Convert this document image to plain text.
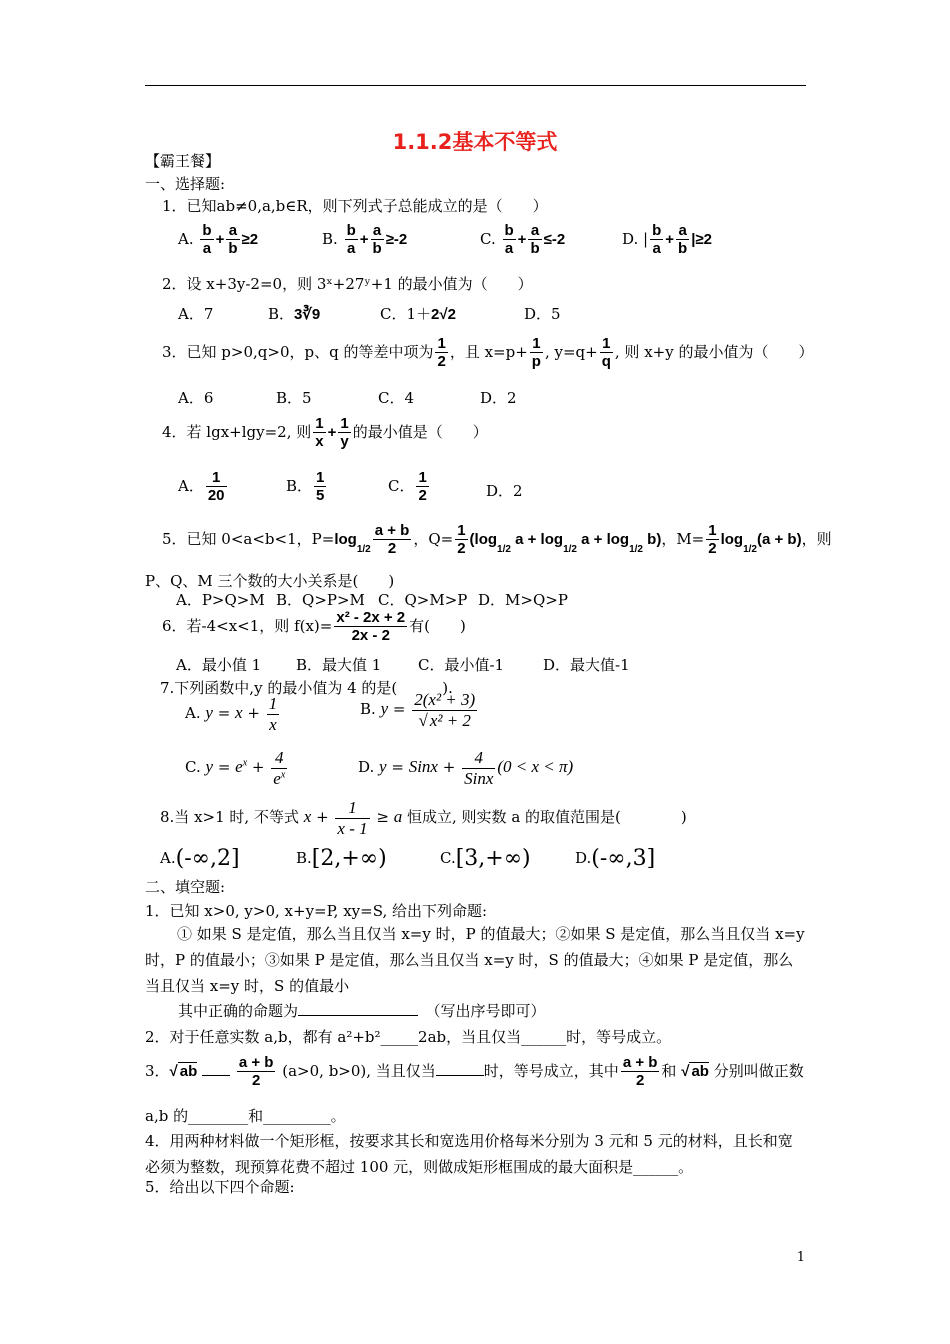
1.1.2基本不等式
【霸王餐】
一、选择题:
1．已知ab≠0,a,b∈R，则下列式子总能成立的是（　　）
A. $\frac{b}{a} + \frac{a}{b} \ge 2$	B. $\frac{b}{a} + \frac{a}{b} \ge-2$	C. $\frac{b}{a} + \frac{a}{b} \le-2$	D. | $\frac{b}{a} + \frac{a}{b} |\ge 2$
2．设 x+3y-2=0，则 3ˣ+27ʸ+1 的最小值为（　　）
A．7	B．3∛9	C．1＋2√2	D．5
3．已知 p>0,q>0，p、q 的等差中项为 $\frac{1}{2}$ ，且 $x=p+ \frac{1}{p}$ , $y=q+ \frac{1}{q}$ , 则 x+y 的最小值为（　　）
A．6	B．5	C．4	D．2
4．若 lgx+lgy=2, 则 $\frac{1}{x} + \frac{1}{y}$ 的最小值是（　　）
A． $\frac{1}{20}$	B． $\frac{1}{5}$	C． $\frac{1}{2}$	D．2
5．已知 0<a<b<1，$P=\log_{1/2} \frac{a + b}{2}$ ，$Q= \frac{1}{2} (\log_{1/2}$ $a + \log_{1/2} a + \log_{1/2} b$)，$M= \frac{1}{2} \log_{1/2}(a + b)$，则
P、Q、M 三个数的大小关系是(　　)
A．P>Q>M B．Q>P>M C．Q>M>P D．M>Q>P
6．若-4<x<1，则 $f(x)= \frac{\text{x² - 2x + 2}}{2x - 2}$ 有(　　)
A．最小值 1 B．最大值 1 C．最小值-1	D．最大值-1
7.下列函数中,y 的最小值为 4 的是(　　　).
A. $y = x + \frac{1}{x}$	B. $y = \frac{\text{2(x² + 3)}}{\text{√ x² + 2}}$
C. $y = e^x + \frac{4}{e^x}$	D. y = Sinx + $\frac{4}{\text{Sinx}} (0 < x < \pi)$
8.当 x>1 时, 不等式 $x + \frac{1}{x - 1} \ge a$ 恒成立, 则实数 a 的取值范围是(　　　　)
A.(-∞,2]	B.[2,+∞)	C.[3,+∞)	D.(-∞,3]
二、填空题:
1．已知 x>0, y>0, x+y=P, xy=S, 给出下列命题:
① 如果 S 是定值，那么当且仅当 x=y 时，P 的值最大；②如果 S 是定值，那么当且仅当 x=y 时，P 的值最小；③如果 P 是定值，那么当且仅当 x=y 时，S 的值最大；④如果 P 是定值，那么当且仅当 x=y 时，S 的值最小
其中正确的命题为　	（写出序号即可）
2．对于任意实数 a,b，都有 a²+b²_____2ab，当且仅当______时，等号成立。
3．√ ab	$\frac{a + b}{2} (a>0$, b>0), 当且仅当	时，等号成立，其中 $\frac{a + b}{2}$ 和 √ ab 分别叫做正数
a,b 的________和_________。
4．用两种材料做一个矩形框，按要求其长和宽选用价格每米分别为 3 元和 5 元的材料，且长和宽必须为整数，现预算花费不超过 100 元，则做成矩形框围成的最大面积是______。
5．给出以下四个命题:
1
